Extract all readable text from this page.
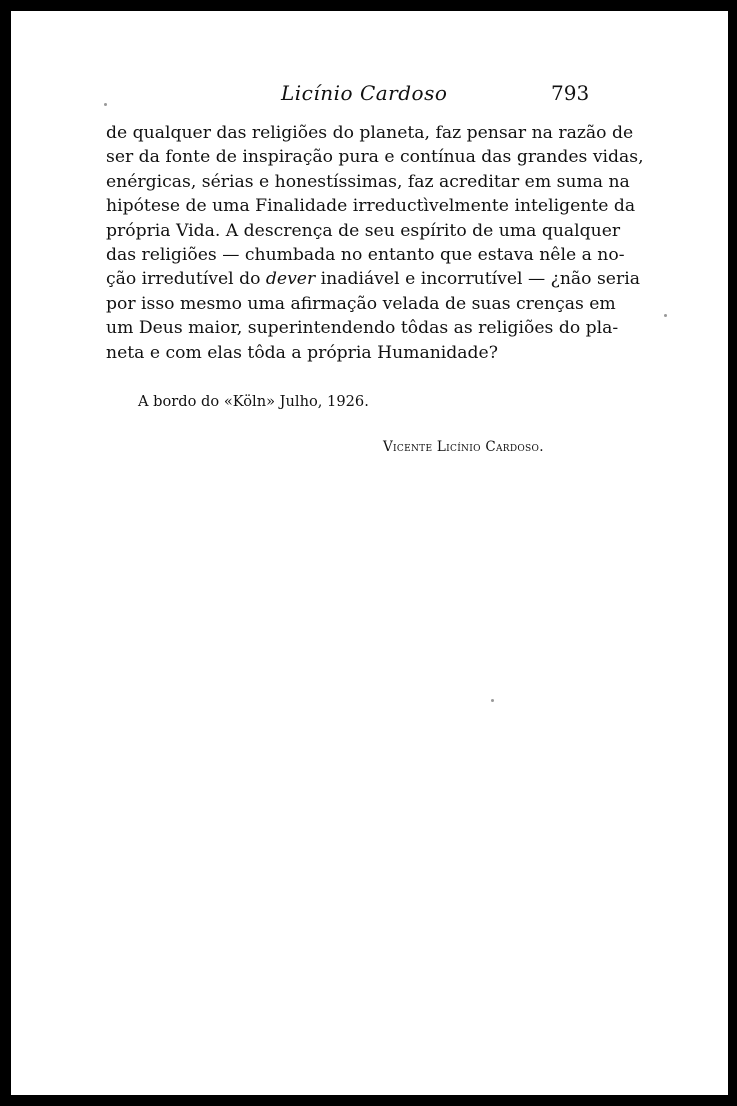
Licínio Cardoso	793
de qualquer das religiões do planeta, faz pensar na razão de
ser da fonte de inspiração pura e contínua das grandes vidas,
enérgicas, sérias e honestíssimas, faz acreditar em suma na
hipótese de uma Finalidade irreductìvelmente inteligente da
própria Vida. A descrença de seu espírito de uma qualquer
das religiões — chumbada no entanto que estava nêle a no-
ção irredutível do dever inadiável e incorrutível — ¿não seria
por isso mesmo uma afirmação velada de suas crenças em
um Deus maior, superintendendo tôdas as religiões do pla-
neta e com elas tôda a própria Humanidade?
A bordo do «Köln» Julho, 1926.
Vicente Licínio Cardoso.
